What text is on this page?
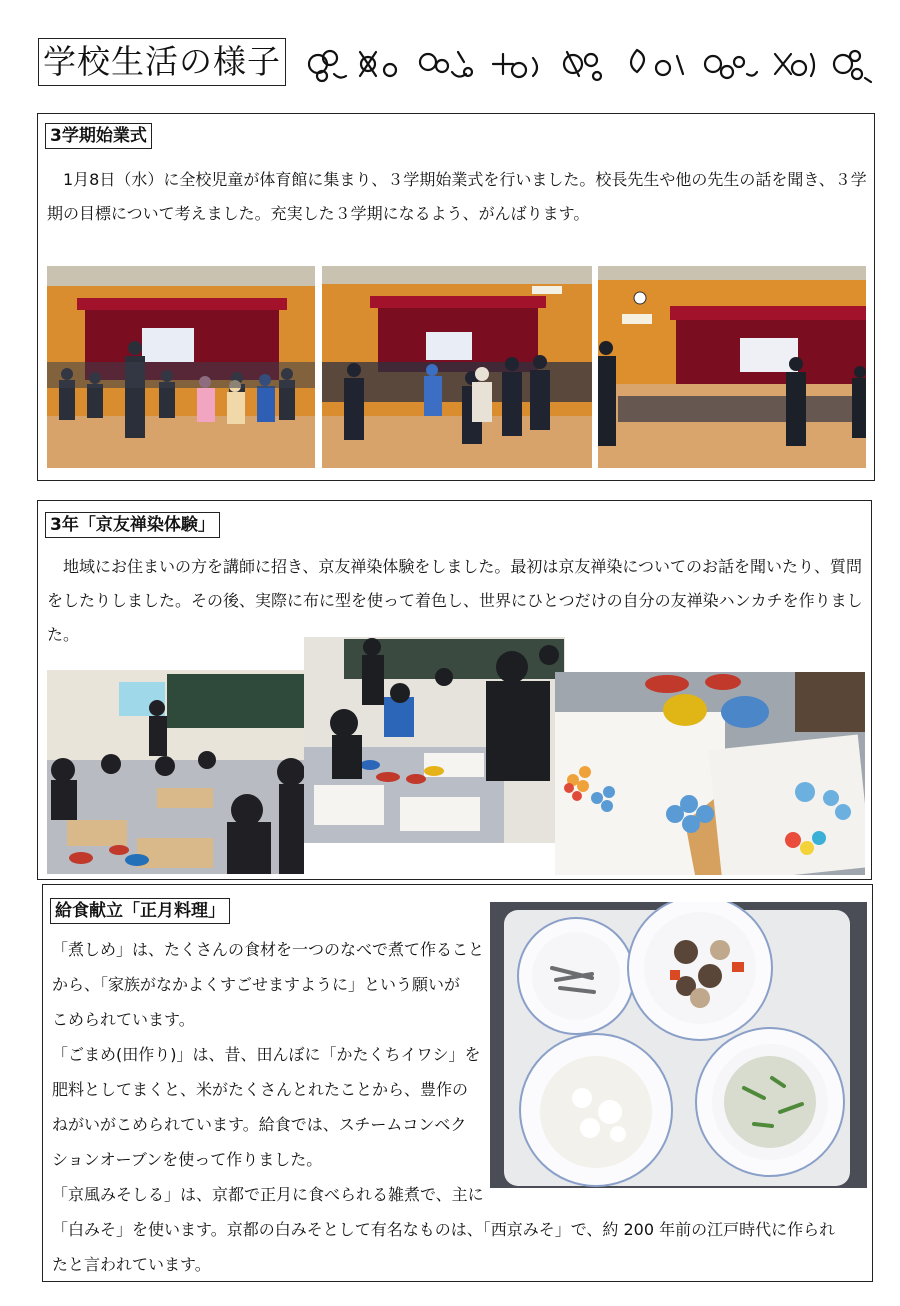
学校生活の様子
3学期始業式
　1月8日（水）に全校児童が体育館に集まり、３学期始業式を行いました。校長先生や他の先生の話を聞き、３学期の目標について考えました。充実した３学期になるよう、がんばります。
3年「京友禅染体験」
　地域にお住まいの方を講師に招き、京友禅染体験をしました。最初は京友禅染についてのお話を聞いたり、質問をしたりしました。その後、実際に布に型を使って着色し、世界にひとつだけの自分の友禅染ハンカチを作りました。
給食献立「正月料理」

「煮しめ」は、たくさんの食材を一つのなべで煮て作ること

から、「家族がなかよくすごせますように」という願いが

こめられています。

「ごまめ(田作り)」は、昔、田んぼに「かたくちイワシ」を

肥料としてまくと、米がたくさんとれたことから、豊作の

ねがいがこめられています。給食では、スチームコンベク

ションオーブンを使って作りました。

「京風みそしる」は、京都で正月に食べられる雑煮で、主に

「白みそ」を使います。京都の白みそとして有名なものは、「西京みそ」で、約 200 年前の江戸時代に作られ
たと言われています。
